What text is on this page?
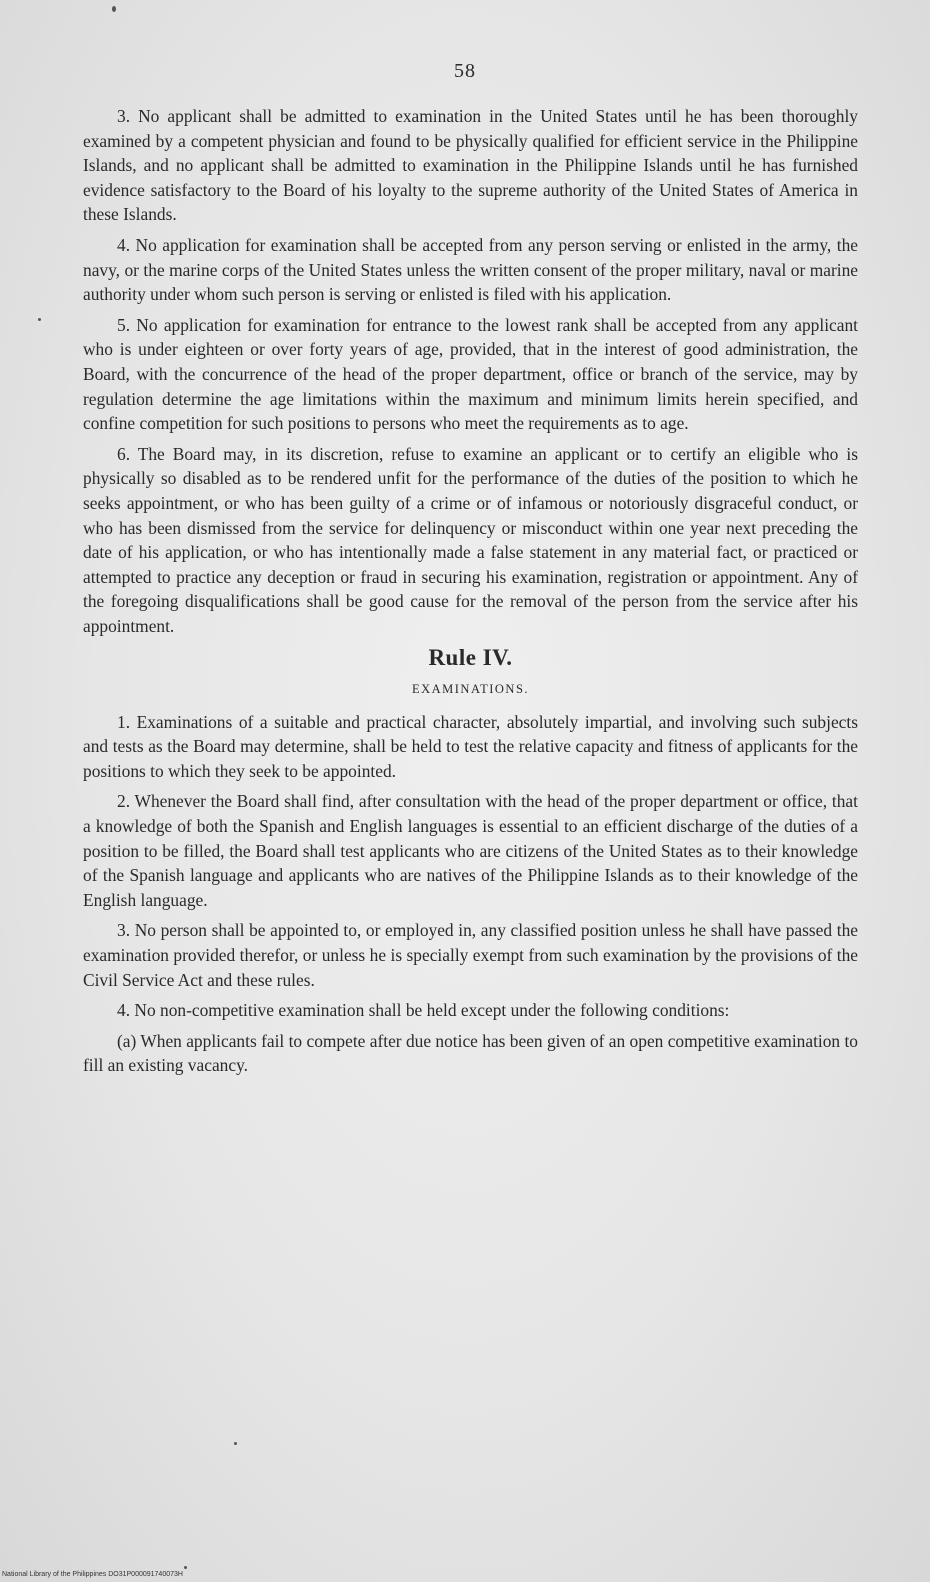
58

3. No applicant shall be admitted to examination in the United States until he has been thoroughly examined by a competent physician and found to be physically qualified for efficient service in the Philippine Islands, and no applicant shall be admitted to examination in the Philippine Islands until he has furnished evidence satisfactory to the Board of his loyalty to the supreme authority of the United States of America in these Islands.

4. No application for examination shall be accepted from any person serving or enlisted in the army, the navy, or the marine corps of the United States unless the written consent of the proper military, naval or marine authority under whom such person is serving or enlisted is filed with his application.

5. No application for examination for entrance to the lowest rank shall be accepted from any applicant who is under eighteen or over forty years of age, provided, that in the interest of good administration, the Board, with the concurrence of the head of the proper department, office or branch of the service, may by regulation determine the age limitations within the maximum and minimum limits herein specified, and confine competition for such positions to persons who meet the requirements as to age.

6. The Board may, in its discretion, refuse to examine an applicant or to certify an eligible who is physically so disabled as to be rendered unfit for the performance of the duties of the position to which he seeks appointment, or who has been guilty of a crime or of infamous or notoriously disgraceful conduct, or who has been dismissed from the service for delinquency or misconduct within one year next preceding the date of his application, or who has intentionally made a false statement in any material fact, or practiced or attempted to practice any deception or fraud in securing his examination, registration or appointment. Any of the foregoing disqualifications shall be good cause for the removal of the person from the service after his appointment.

Rule IV.
EXAMINATIONS.

1. Examinations of a suitable and practical character, absolutely impartial, and involving such subjects and tests as the Board may determine, shall be held to test the relative capacity and fitness of applicants for the positions to which they seek to be appointed.

2. Whenever the Board shall find, after consultation with the head of the proper department or office, that a knowledge of both the Spanish and English languages is essential to an efficient discharge of the duties of a position to be filled, the Board shall test applicants who are citizens of the United States as to their knowledge of the Spanish language and applicants who are natives of the Philippine Islands as to their knowledge of the English language.

3. No person shall be appointed to, or employed in, any classified position unless he shall have passed the examination provided therefor, or unless he is specially exempt from such examination by the provisions of the Civil Service Act and these rules.

4. No non-competitive examination shall be held except under the following conditions:

(a) When applicants fail to compete after due notice has been given of an open competitive examination to fill an existing vacancy.

National Library of the Philippines DO31P000091740073H
